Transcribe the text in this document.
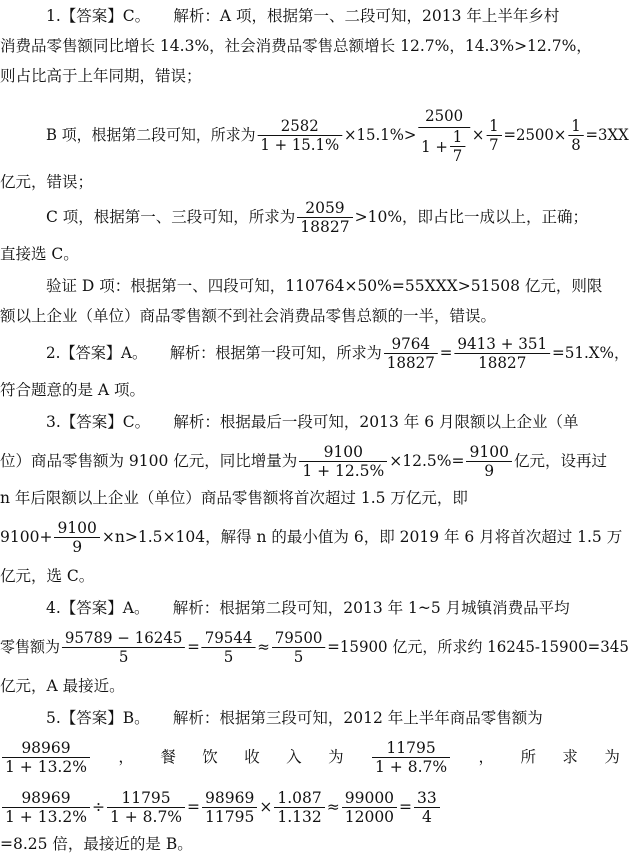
1.【答案】C。　　解析：A 项，根据第一、二段可知，2013 年上半年乡村
消费品零售额同比增长 14.3%，社会消费品零售总额增长 12.7%，14.3%>12.7%，
则占比高于上年同期，错误；
B 项，根据第二段可知，所求为 $\frac{2582}{1 + 15.1\%} \times 15.1\%> \frac{2500}{1 + \frac{1}{7}} \times \frac{1}{7} =2500\times \frac{1}{8} =3XX$
亿元，错误；
C 项，根据第一、三段可知，所求为 $\frac{2059}{18827} >10\%$，即占比一成以上，正确；
直接选 C。
验证 D 项：根据第一、四段可知，110764×50%=55XXX>51508 亿元，则限
额以上企业（单位）商品零售额不到社会消费品零售总额的一半，错误。
2.【答案】A。　　解析：根据第一段可知，所求为 $\frac{9764}{18827} = \frac{9413 + 351}{18827} =51.X\%$，
符合题意的是 A 项。
3.【答案】C。　　解析：根据最后一段可知，2013 年 6 月限额以上企业（单
位）商品零售额为 9100 亿元，同比增量为 $\frac{9100}{1 + 12.5\%} \times 12.5\%= \frac{9100}{9}$ 亿元，设再过
n 年后限额以上企业（单位）商品零售额将首次超过 1.5 万亿元，即
$9100+ \frac{9100}{9} \times n>1.5\times 104$，解得 n 的最小值为 6，即 2019 年 6 月将首次超过 1.5 万
亿元，选 C。
4.【答案】A。　　解析：根据第二段可知，2013 年 1~5 月城镇消费品平均
零售额为 $\frac{95789 - 16245}{5} = \frac{79544}{5} \approx \frac{79500}{5} =15900$ 亿元，所求约 16245-15900=345
亿元，A 最接近。
5.【答案】B。　　解析：根据第三段可知，2012 年上半年商品零售额为
$\frac{98969}{1 + 13.2\%}$ ， 餐 饮 收 入 为 $\frac{11795}{1 + 8.7\%}$ ， 所 求 为
$\frac{98969}{1 + 13.2\%} \div \frac{11795}{1 + 8.7\%} = \frac{98969}{11795} \times \frac{1.087}{1.132} \approx \frac{99000}{12000} = \frac{33}{4}$
=8.25 倍，最接近的是 B。
